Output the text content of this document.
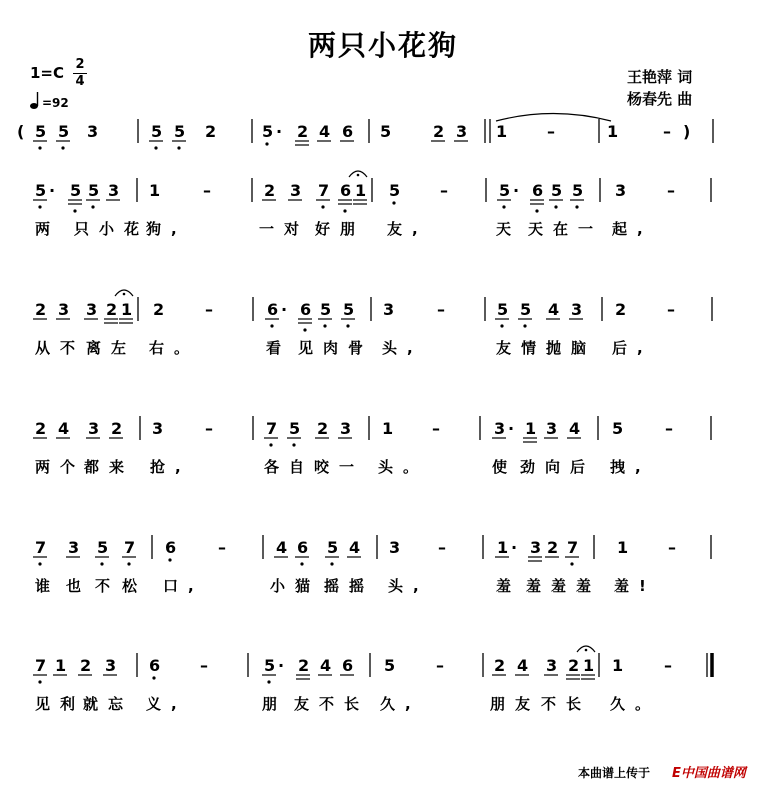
两只小花狗
1=C 2
4
=92
王艳萍 词
杨春先 曲
( 5 5 3	5 5 2	5 · 2 4 6 5	2 3 1 –	1	– )
5 · 5 5 3 1	–	2 3 7 6 1 5 –	5 · 6 5 5 3	–
两 只小花
狗,	一对 好朋 友,	天 天在一 起,
2 3 3 2 1 2	–	6 · 6 5 5 3	–	5 5 4 3 2	–
从不 离左 右。	看 见肉骨 头,	友情 抛脑 后,
2 4 3 2 3	–	7 5 2 3 1 –	3 · 1 3 4 5	–
两个
都来 抢,	各自 咬一 头。	使 劲向后 拽,
7 3 5 7 6	–	4 6 5 4 3 –	1 · 3 2 7 1 –
谁 也 不 松 口,	小猫 摇摇 头,	羞 羞羞羞 羞!
7 1 2 3 6 –	5 · 2 4 6 5	–	2 4 3 2 1 1	–
见利
就忘 义,	朋 友不长 久,	朋友 不长 久。
本曲谱上传于 E中国曲谱网
